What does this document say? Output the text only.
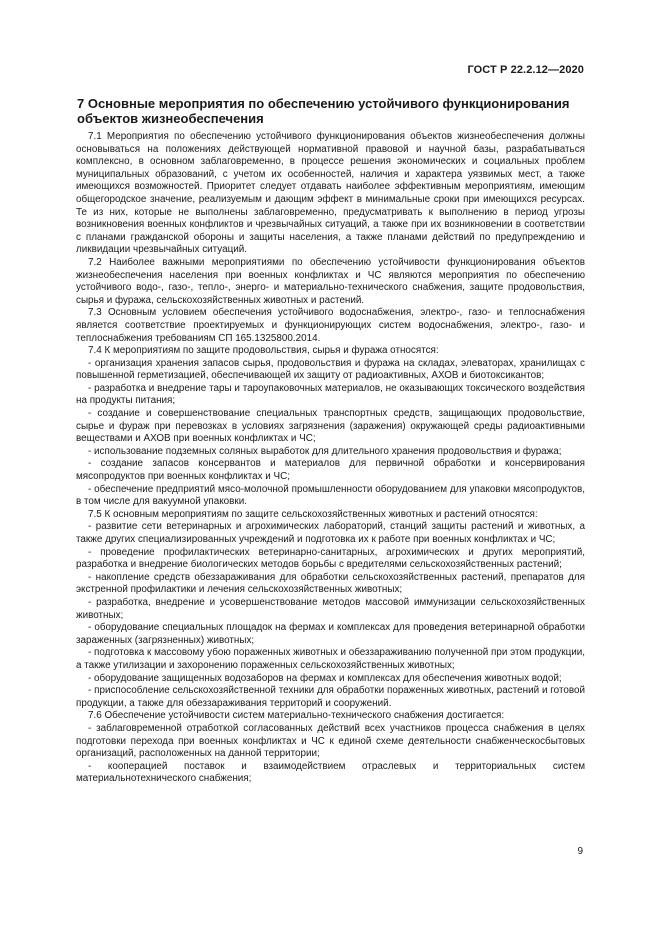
ГОСТ Р 22.2.12—2020
7 Основные мероприятия по обеспечению устойчивого функционирования объектов жизнеобеспечения

7.1 Мероприятия по обеспечению устойчивого функционирования объектов жизнеобеспечения должны основываться на положениях действующей нормативной правовой и научной базы, разрабатываться комплексно, в основном заблаговременно, в процессе решения экономических и социальных проблем муниципальных образований, с учетом их особенностей, наличия и характера уязвимых мест, а также имеющихся возможностей. Приоритет следует отдавать наиболее эффективным мероприятиям, имеющим общегородское значение, реализуемым и дающим эффект в минимальные сроки при имеющихся ресурсах. Те из них, которые не выполнены заблаговременно, предусматривать к выполнению в период угрозы возникновения военных конфликтов и чрезвычайных ситуаций, а также при их возникновении в соответствии с планами гражданской обороны и защиты населения, а также планами действий по предупреждению и ликвидации чрезвычайных ситуаций.

7.2 Наиболее важными мероприятиями по обеспечению устойчивости функционирования объектов жизнеобеспечения населения при военных конфликтах и ЧС являются мероприятия по обеспечению устойчивого водо-, газо-, тепло-, энерго- и материально-технического снабжения, защите продовольствия, сырья и фуража, сельскохозяйственных животных и растений.

7.3 Основным условием обеспечения устойчивого водоснабжения, электро-, газо- и теплоснабжения является соответствие проектируемых и функционирующих систем водоснабжения, электро-, газо- и теплоснабжения требованиям СП 165.1325800.2014.

7.4 К мероприятиям по защите продовольствия, сырья и фуража относятся:

- организация хранения запасов сырья, продовольствия и фуража на складах, элеваторах, хранилищах с повышенной герметизацией, обеспечивающей их защиту от радиоактивных, АХОВ и биотоксикантов;

- разработка и внедрение тары и тароупаковочных материалов, не оказывающих токсического воздействия на продукты питания;

- создание и совершенствование специальных транспортных средств, защищающих продовольствие, сырье и фураж при перевозках в условиях загрязнения (заражения) окружающей среды радиоактивными веществами и АХОВ при военных конфликтах и ЧС;

- использование подземных соляных выработок для длительного хранения продовольствия и фуража;

- создание запасов консервантов и материалов для первичной обработки и консервирования мясопродуктов при военных конфликтах и ЧС;

- обеспечение предприятий мясо-молочной промышленности оборудованием для упаковки мясопродуктов, в том числе для вакуумной упаковки.

7.5 К основным мероприятиям по защите сельскохозяйственных животных и растений относятся:

- развитие сети ветеринарных и агрохимических лабораторий, станций защиты растений и животных, а также других специализированных учреждений и подготовка их к работе при военных конфликтах и ЧС;

- проведение профилактических ветеринарно-санитарных, агрохимических и других мероприятий, разработка и внедрение биологических методов борьбы с вредителями сельскохозяйственных растений;

- накопление средств обеззараживания для обработки сельскохозяйственных растений, препаратов для экстренной профилактики и лечения сельскохозяйственных животных;

- разработка, внедрение и усовершенствование методов массовой иммунизации сельскохозяйственных животных;

- оборудование специальных площадок на фермах и комплексах для проведения ветеринарной обработки зараженных (загрязненных) животных;

- подготовка к массовому убою пораженных животных и обеззараживанию полученной при этом продукции, а также утилизации и захоронению пораженных сельскохозяйственных животных;

- оборудование защищенных водозаборов на фермах и комплексах для обеспечения животных водой;

- приспособление сельскохозяйственной техники для обработки пораженных животных, растений и готовой продукции, а также для обеззараживания территорий и сооружений.

7.6 Обеспечение устойчивости систем материально-технического снабжения достигается:

- заблаговременной отработкой согласованных действий всех участников процесса снабжения в целях подготовки перехода при военных конфликтах и ЧС к единой схеме деятельности снабженческосбытовых организаций, расположенных на данной территории;

- кооперацией поставок и взаимодействием отраслевых и территориальных систем материальнотехнического снабжения;

9
